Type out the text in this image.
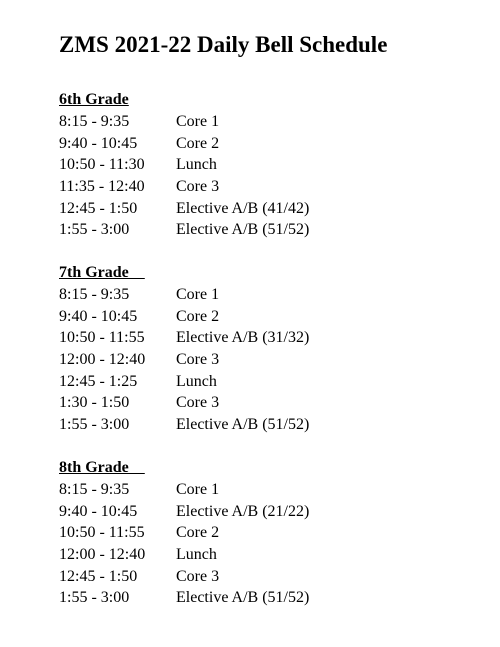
ZMS 2021-22 Daily Bell Schedule
6th Grade
8:15 - 9:35	Core 1
9:40 - 10:45 Core 2
10:50 - 11:30 Lunch
11:35 - 12:40 Core 3
12:45 - 1:50 Elective A/B (41/42)
1:55 - 3:00	Elective A/B (51/52)
7th Grade
8:15 - 9:35	Core 1
9:40 - 10:45 Core 2
10:50 - 11:55 Elective A/B (31/32)
12:00 - 12:40 Core 3
12:45 - 1:25 Lunch
1:30 - 1:50	Core 3
1:55 - 3:00	Elective A/B (51/52)
8th Grade
8:15 - 9:35	Core 1
9:40 - 10:45 Elective A/B (21/22)
10:50 - 11:55 Core 2
12:00 - 12:40 Lunch
12:45 - 1:50 Core 3
1:55 - 3:00	Elective A/B (51/52)
